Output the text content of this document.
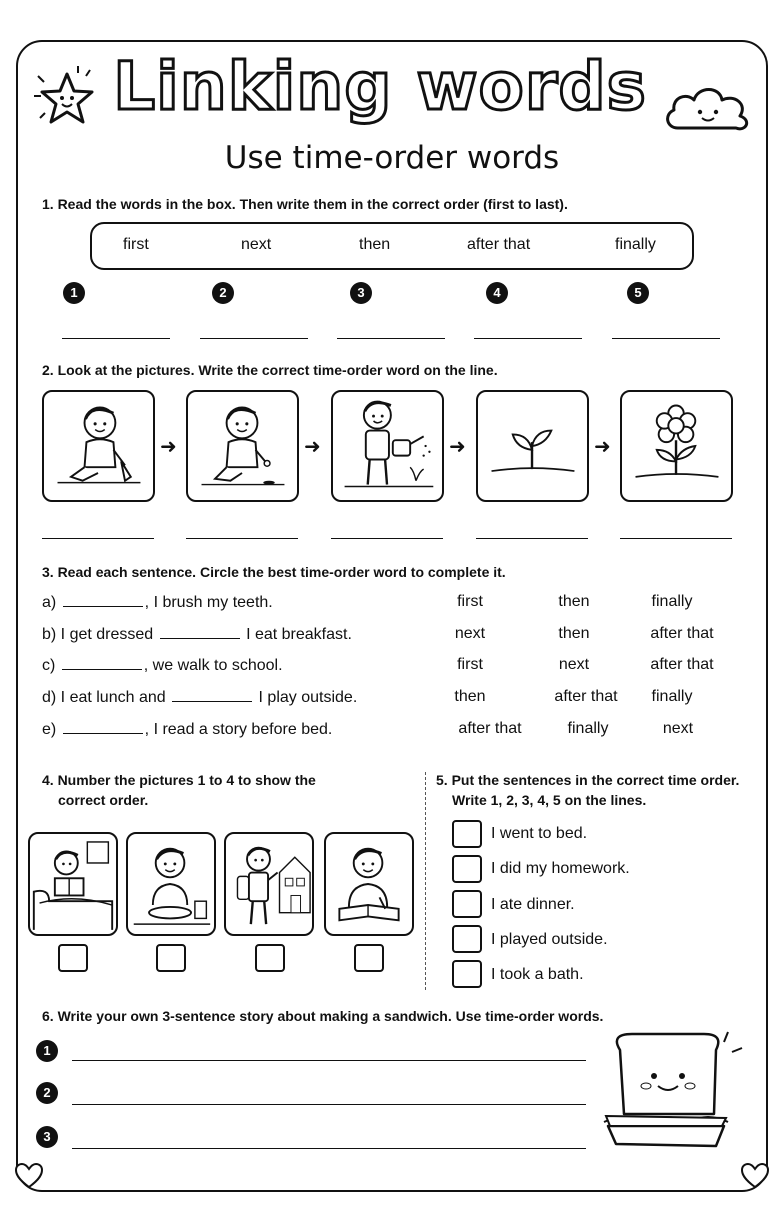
Linking words
Use time-order words
1. Read the words in the box. Then write them in the correct order (first to last).
first	next	then	after that	finally
1	2	3	4	5
2. Look at the pictures. Write the correct time-order word on the line.
➜	➜	➜	➜
3. Read each sentence. Circle the best time-order word to complete it.
a)	, I brush my teeth.
b) I get dressed	I eat breakfast.
c)	, we walk to school.
d) I eat lunch and	I play outside.
e)	, I read a story before bed.
first	then	finally
next	then	after that
first	next	after that
then	after that	finally
after that	finally	next
4. Number the pictures 1 to 4 to show the
correct order.
5. Put the sentences in the correct time order.
Write 1, 2, 3, 4, 5 on the lines.
I went to bed.
I did my homework.
I ate dinner.
I played outside.
I took a bath.
6. Write your own 3-sentence story about making a sandwich. Use time-order words.
1
2
3
